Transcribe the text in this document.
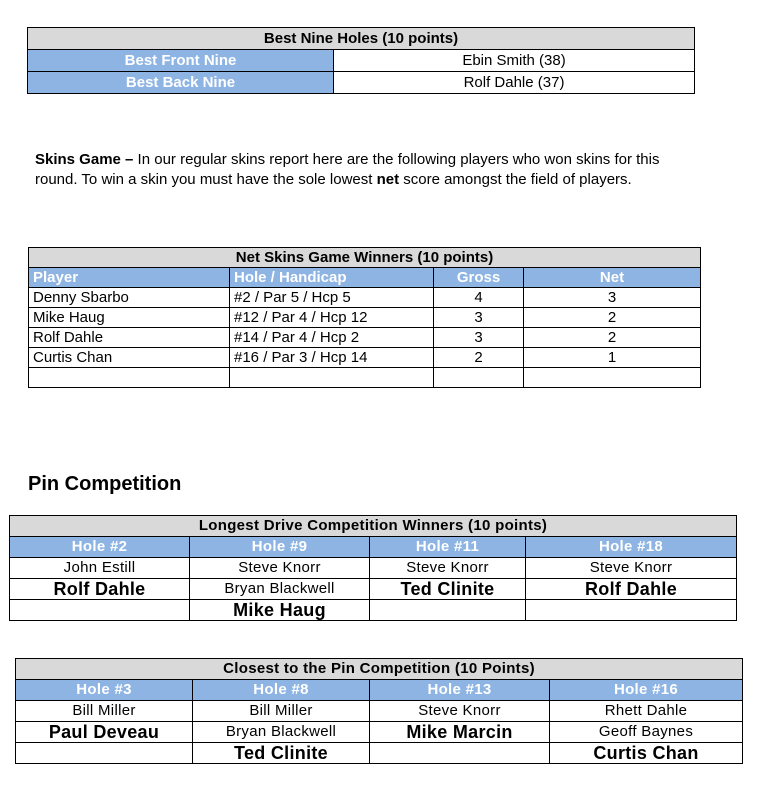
Best Nine Holes (10 points)	
Best Front Nine	Ebin Smith (38)
Best Back Nine	Rolf Dahle (37)
Skins Game – In our regular skins report here are the following players who won skins for this round. To win a skin you must have the sole lowest net score amongst the field of players.
Net Skins Game Winners (10 points)			
Player	Hole / Handicap	Gross	Net
Denny Sbarbo	#2 / Par 5 / Hcp 5	4	3
Mike Haug	#12 / Par 4 / Hcp 12	3	2
Rolf Dahle	#14 / Par 4 / Hcp 2	3	2
Curtis Chan	#16 / Par 3 / Hcp 14	2	1

Pin Competition
Longest Drive Competition Winners (10 points)			
Hole #2	Hole #9	Hole #11	Hole #18
John Estill	Steve Knorr	Steve Knorr	Steve Knorr
Rolf Dahle	Bryan Blackwell	Ted Clinite	Rolf Dahle
	Mike Haug		
Closest to the Pin Competition (10 Points)			
Hole #3	Hole #8	Hole #13	Hole #16
Bill Miller	Bill Miller	Steve Knorr	Rhett Dahle
Paul Deveau	Bryan Blackwell	Mike Marcin	Geoff Baynes
	Ted Clinite		Curtis Chan
